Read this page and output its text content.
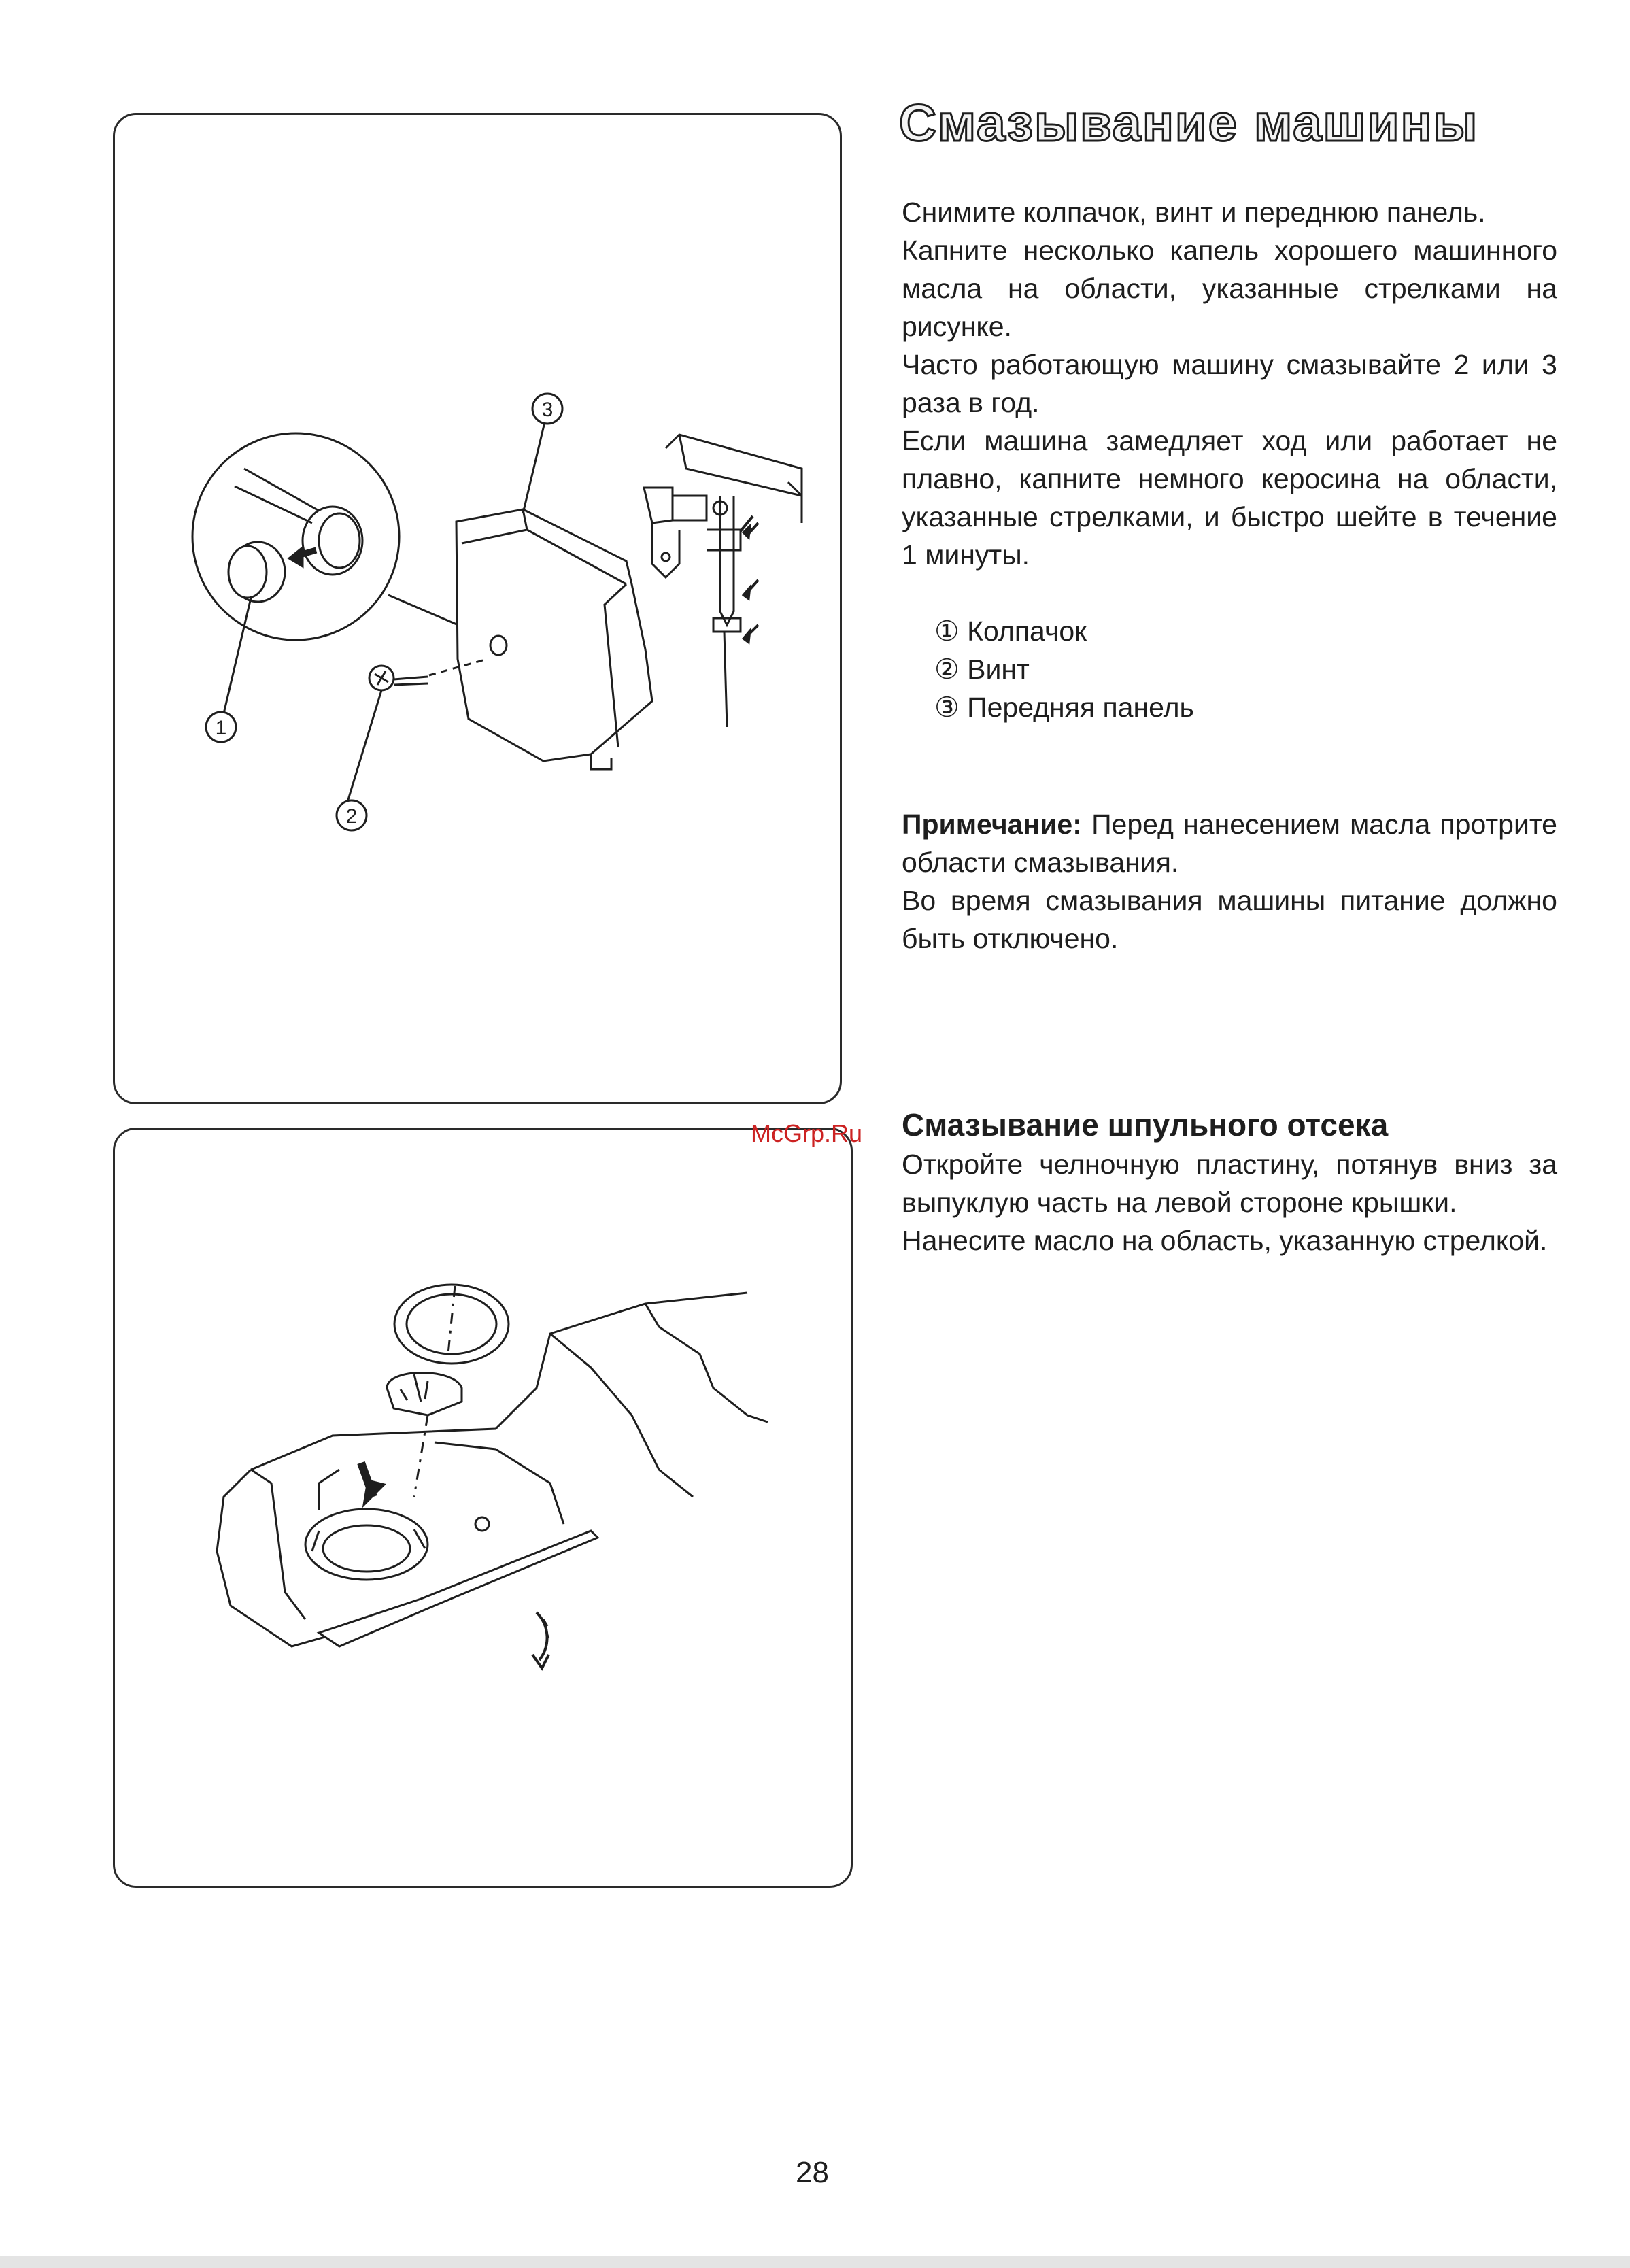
3
1
2
Смазывание машины

Снимите колпачок, винт и переднюю панель.

Капните несколько капель хорошего машинного масла на области, указанные стрелками на рисунке.

Часто работающую машину смазывайте 2 или 3 раза в год.

Если машина замедляет ход или работает не плавно, капните немного керосина на области, указанные стрелками, и быстро шейте в течение 1 минуты.

① Колпачок
② Винт
③ Передняя панель

Примечание: Перед нанесением масла протрите области смазывания.

Во время смазывания машины питание должно быть отключено.

McGrp.Ru Смазывание шпульного отсека

Откройте челночную пластину, потянув вниз за выпуклую часть на левой стороне крышки.

Нанесите масло на область, указанную стрелкой.

28
